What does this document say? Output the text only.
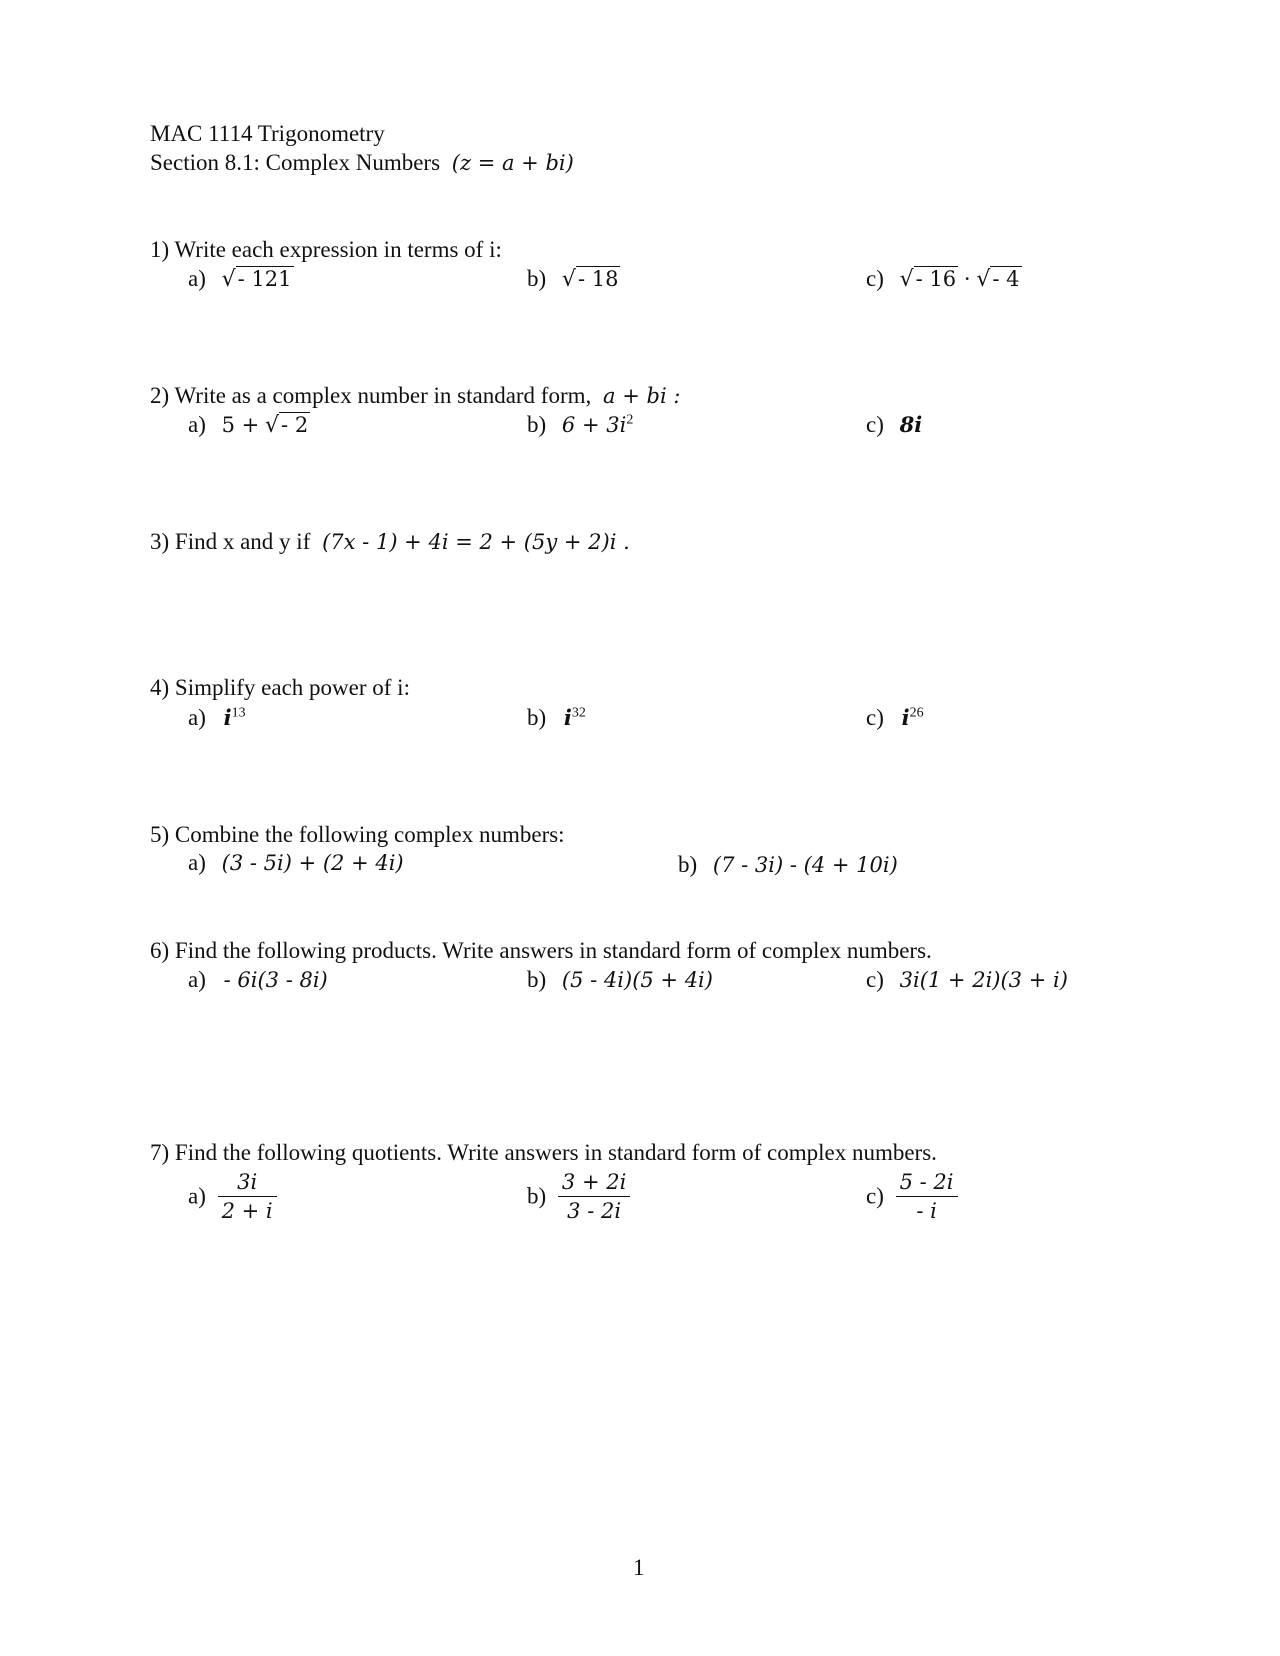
MAC 1114 Trigonometry
Section 8.1: Complex Numbers (z = a + bi)
1) Write each expression in terms of i:
a) √- 121	b) √- 18	c) √- 16 · √- 4
2) Write as a complex number in standard form, a + bi :
a) 5 + √- 2	b) $6 + 3i^2$	c) 8i
3) Find x and y if (7x - 1) + 4i = 2 + (5y + 2)i .
4) Simplify each power of i:
a) $i^{13}$	b) $i^{32}$	c) $i^{26}$
5) Combine the following complex numbers:
a) (3 - 5i) + (2 + 4i)	b) (7 - 3i) - (4 + 10i)
6) Find the following products. Write answers in standard form of complex numbers.
a) - 6i(3 - 8i)	b) (5 - 4i)(5 + 4i)	c) 3i(1 + 2i)(3 + i)
7) Find the following quotients. Write answers in standard form of complex numbers.
$a) \frac{3i}{2 + i}$	$b) \frac{3 + 2i}{3 - 2i}$	$c) \frac{5 - 2i}{- i}$
1
